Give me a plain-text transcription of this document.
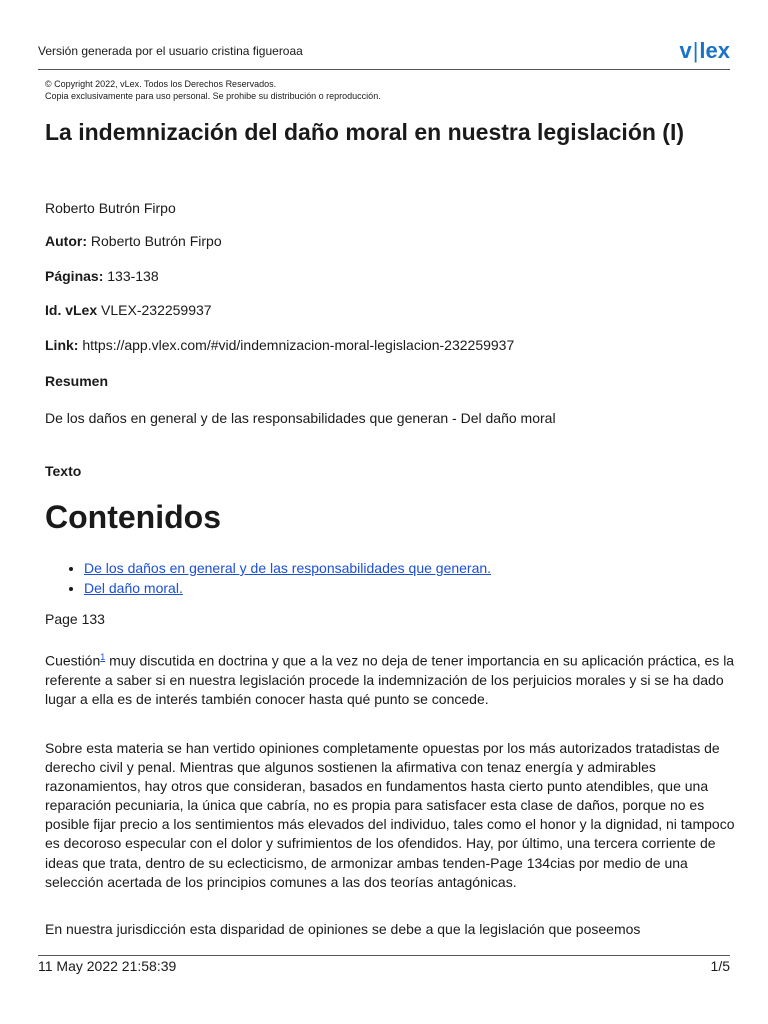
Versión generada por el usuario cristina figueroaa	v|lex
© Copyright 2022, vLex. Todos los Derechos Reservados.
Copia exclusivamente para uso personal. Se prohibe su distribución o reproducción.
La indemnización del daño moral en nuestra legislación (I)
Roberto Butrón Firpo
Autor: Roberto Butrón Firpo
Páginas: 133-138
Id. vLex VLEX-232259937
Link: https://app.vlex.com/#vid/indemnizacion-moral-legislacion-232259937
Resumen
De los daños en general y de las responsabilidades que generan - Del daño moral
Texto
Contenidos
• De los daños en general y de las responsabilidades que generan.
• Del daño moral.
Page 133

Cuestión$^1$ muy discutida en doctrina y que a la vez no deja de tener importancia en su aplicación práctica, es la referente a saber si en nuestra legislación procede la indemnización de los perjuicios morales y si se ha dado lugar a ella es de interés también conocer hasta qué punto se concede.

Sobre esta materia se han vertido opiniones completamente opuestas por los más autorizados tratadistas de derecho civil y penal. Mientras que algunos sostienen la afirmativa con tenaz energía y admirables razonamientos, hay otros que consideran, basados en fundamentos hasta cierto punto atendibles, que una reparación pecuniaria, la única que cabría, no es propia para satisfacer esta clase de daños, porque no es posible fijar precio a los sentimientos más elevados del individuo, tales como el honor y la dignidad, ni tampoco es decoroso especular con el dolor y sufrimientos de los ofendidos. Hay, por último, una tercera corriente de ideas que trata, dentro de su eclecticismo, de armonizar ambas tenden-Page 134cias por medio de una selección acertada de los principios comunes a las dos teorías antagónicas.

En nuestra jurisdicción esta disparidad de opiniones se debe a que la legislación que poseemos

11 May 2022 21:58:39	1/5
